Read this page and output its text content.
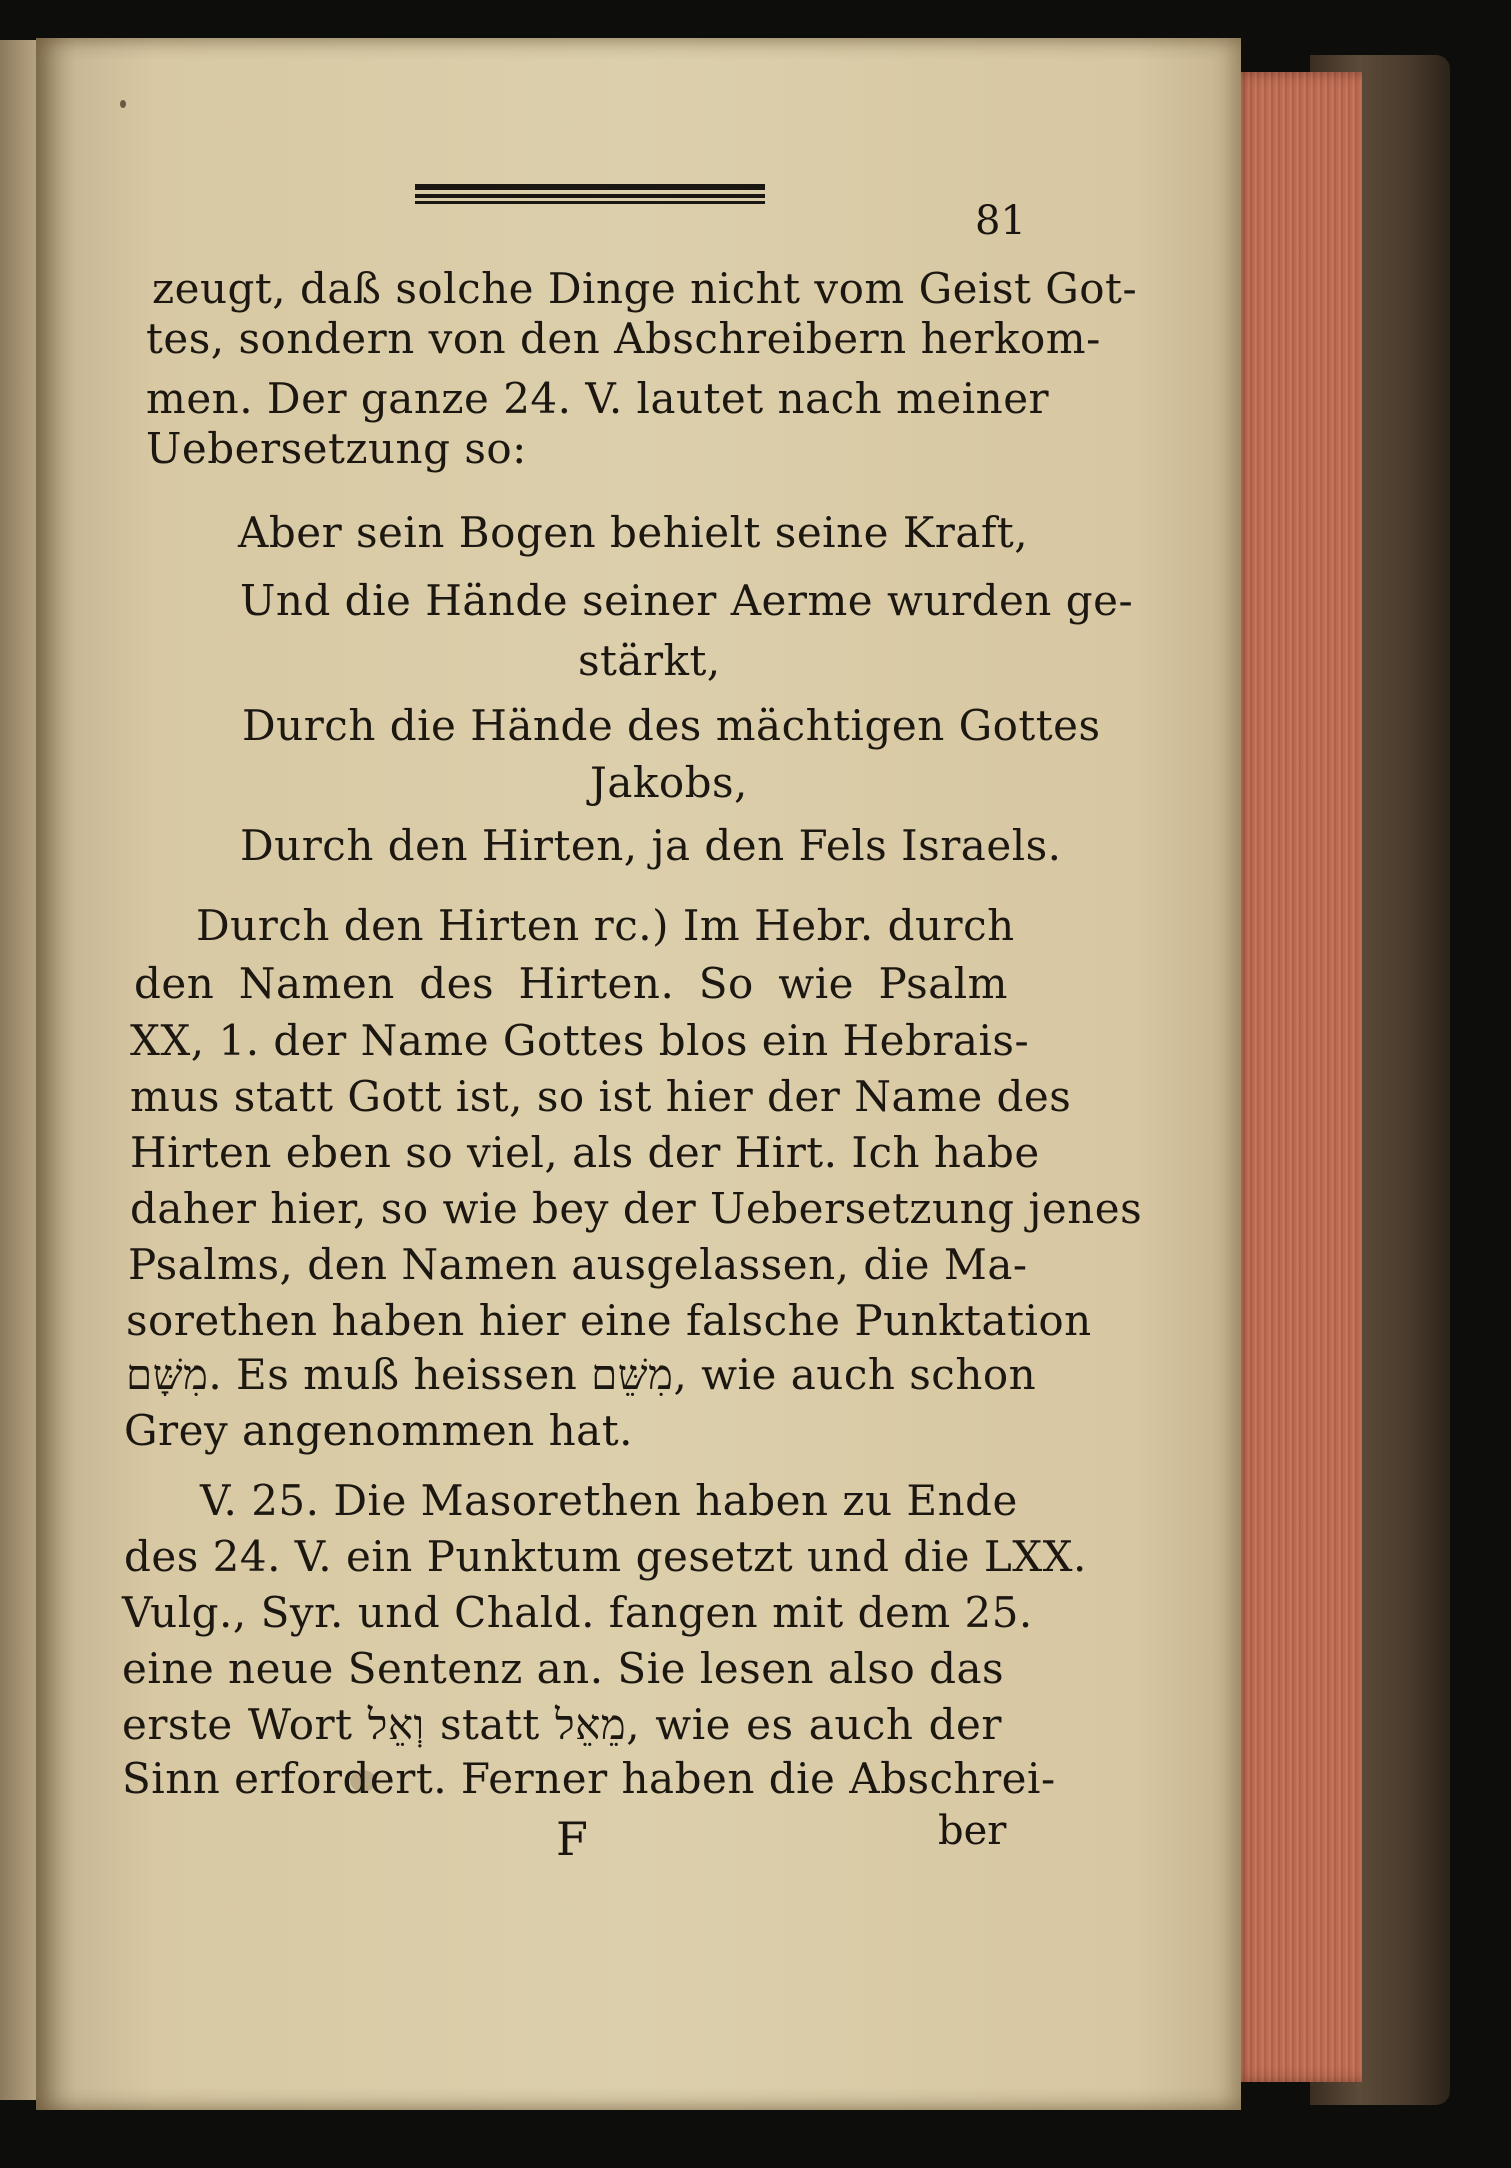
81
zeugt, daß solche Dinge nicht vom Geist Got-
tes, sondern von den Abschreibern herkom-
men. Der ganze 24. V. lautet nach meiner
Uebersetzung so:
Aber sein Bogen behielt seine Kraft,
Und die Hände seiner Aerme wurden ge-
stärkt,
Durch die Hände des mächtigen Gottes
Jakobs,
Durch den Hirten, ja den Fels Israels.
Durch den Hirten rc.) Im Hebr. durch
den Namen des Hirten. So wie Psalm
XX, 1. der Name Gottes blos ein Hebrais-
mus statt Gott ist, so ist hier der Name des
Hirten eben so viel, als der Hirt. Ich habe
daher hier, so wie bey der Uebersetzung jenes
Psalms, den Namen ausgelassen, die Ma-
sorethen haben hier eine falsche Punktation
מִשָּׁם. Es muß heissen מִשֵּׁם, wie auch schon
Grey angenommen hat.
V. 25. Die Masorethen haben zu Ende
des 24. V. ein Punktum gesetzt und die LXX.
Vulg., Syr. und Chald. fangen mit dem 25.
eine neue Sentenz an. Sie lesen also das
erste Wort וְאֵל statt מֵאֵל, wie es auch der
Sinn erfordert. Ferner haben die Abschrei-
F	ber
